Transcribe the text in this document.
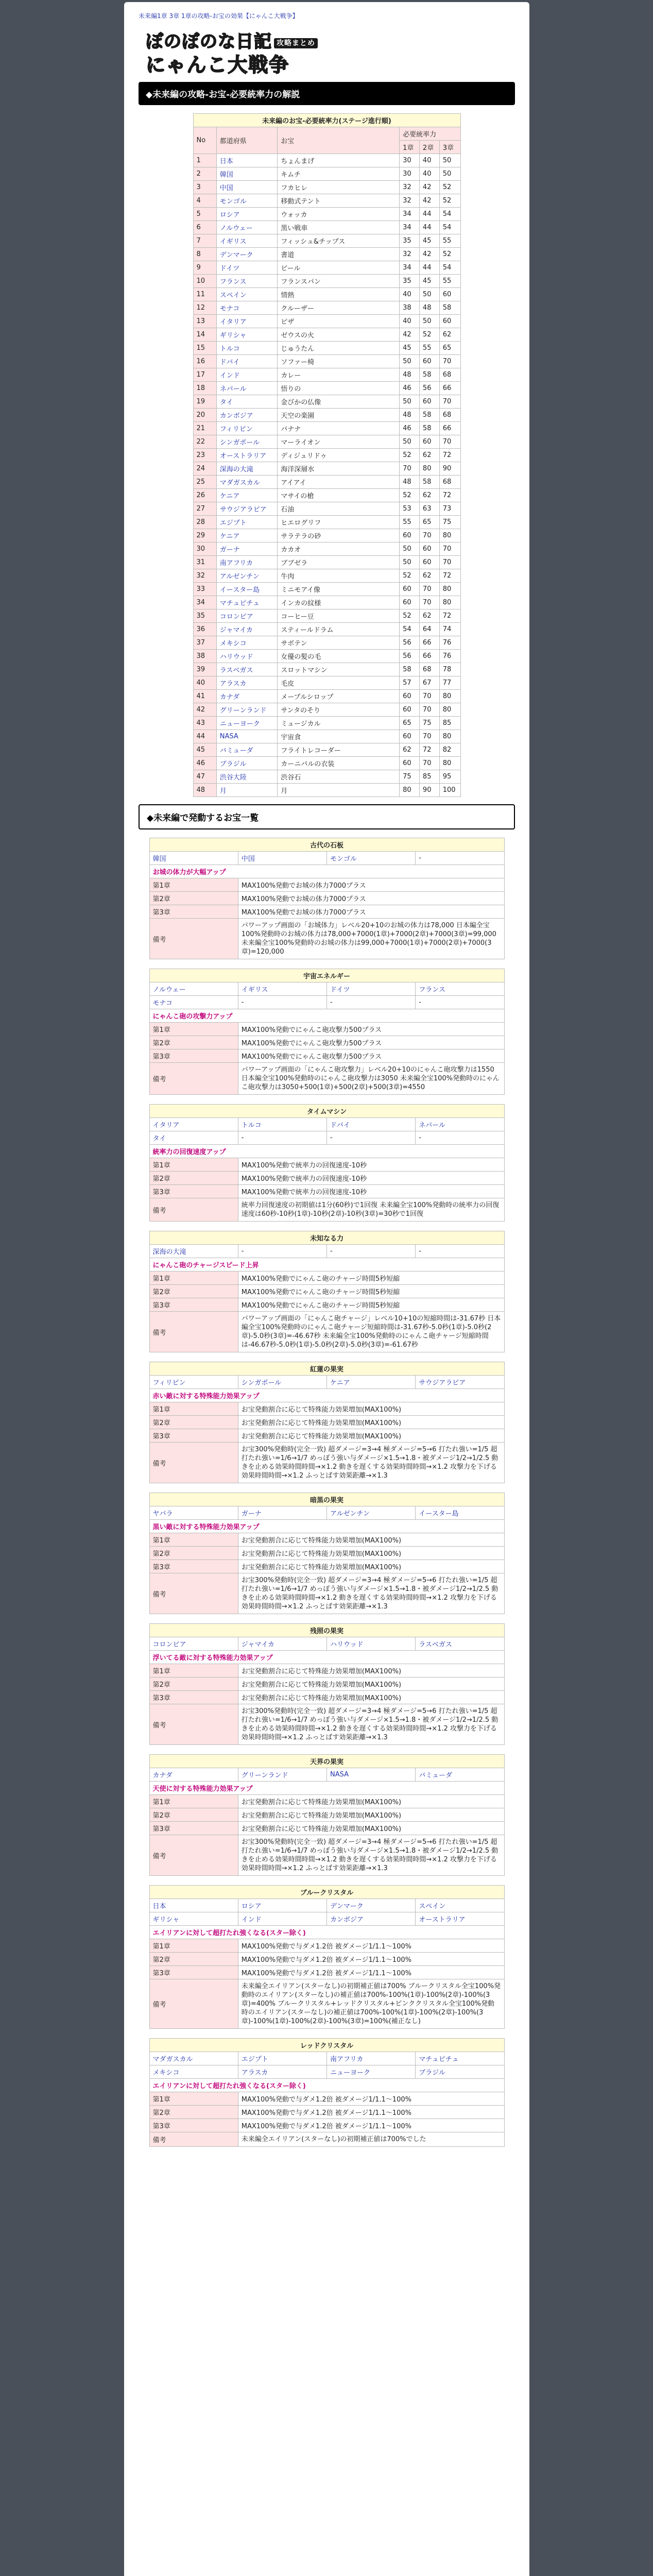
未来編1章 3章 1章の攻略-お宝の効果【にゃんこ大戦争】
ぼのぼのな日記 攻略まとめ
にゃんこ大戦争
◆未来編の攻略-お宝-必要統率力の解説
未来編のお宝-必要統率力(ステージ進行順)					
No	都道府県	お宝	必要統率力		
			1章	2章	3章
1	日本	ちょんまげ	30	40	50
2	韓国	キムチ	30	40	50
3	中国	フカヒレ	32	42	52
4	モンゴル	移動式テント	32	42	52
5	ロシア	ウォッカ	34	44	54
6	ノルウェー	黒い戦車	34	44	54
7	イギリス	フィッシュ&チップス	35	45	55
8	デンマーク	書道	32	42	52
9	ドイツ	ビール	34	44	54
10	フランス	フランスパン	35	45	55
11	スペイン	情熱	40	50	60
12	モナコ	クルーザー	38	48	58
13	イタリア	ピザ	40	50	60
14	ギリシャ	ゼウスの火	42	52	62
15	トルコ	じゅうたん	45	55	65
16	ドバイ	ソファー椅	50	60	70
17	インド	カレー	48	58	68
18	ネパール	悟りの	46	56	66
19	タイ	金びかの仏像	50	60	70
20	カンボジア	天空の楽園	48	58	68
21	フィリピン	バナナ	46	58	66
22	シンガポール	マーライオン	50	60	70
23	オーストラリア	ディジュリドゥ	52	62	72
24	深海の大滝	海洋深層水	70	80	90
25	マダガスカル	アイアイ	48	58	68
26	ケニア	マサイの槍	52	62	72
27	サウジアラビア	石油	53	63	73
28	エジプト	ヒエログリフ	55	65	75
29	ケニア	サラテラの砂	60	70	80
30	ガーナ	カカオ	50	60	70
31	南アフリカ	ブブゼラ	50	60	70
32	アルゼンチン	牛肉	52	62	72
33	イースター島	ミニモアイ像	60	70	80
34	マチュピチュ	インカの紋様	60	70	80
35	コロンビア	コーヒー豆	52	62	72
36	ジャマイカ	スティールドラム	54	64	74
37	メキシコ	サボテン	56	66	76
38	ハリウッド	女優の髪の毛	56	66	76
39	ラスベガス	スロットマシン	58	68	78
40	アラスカ	毛皮	57	67	77
41	カナダ	メープルシロップ	60	70	80
42	グリーンランド	サンタのそり	60	70	80
43	ニューヨーク	ミュージカル	65	75	85
44	NASA	宇宙食	60	70	80
45	バミューダ	フライトレコーダー	62	72	82
46	ブラジル	カーニバルの衣装	60	70	80
47	渋谷大陸	渋谷石	75	85	95
48	月	月	80	90	100
◆未来編で発動するお宝一覧
古代の石板			
韓国	中国	モンゴル	-
お城の体力が大幅アップ			
第1章	MAX100%発動でお城の体力7000プラス		
第2章	MAX100%発動でお城の体力7000プラス		
第3章	MAX100%発動でお城の体力7000プラス		
備考	パワーアップ画面の「お城体力」レベル20+10のお城の体力は78,000 日本編全宝100%発動時のお城の体力は78,000+7000(1章)+7000(2章)+7000(3章)=99,000 未来編全宝100%発動時のお城の体力は99,000+7000(1章)+7000(2章)+7000(3章)=120,000		
宇宙エネルギー			
ノルウェー	イギリス	ドイツ	フランス
モナコ	-	-	-
にゃんこ砲の攻撃力アップ			
第1章	MAX100%発動でにゃんこ砲攻撃力500プラス		
第2章	MAX100%発動でにゃんこ砲攻撃力500プラス		
第3章	MAX100%発動でにゃんこ砲攻撃力500プラス		
備考	パワーアップ画面の「にゃんこ砲攻撃力」レベル20+10のにゃんこ砲攻撃力は1550 日本編全宝100%発動時のにゃんこ砲攻撃力は3050 未来編全宝100%発動時のにゃんこ砲攻撃力は3050+500(1章)+500(2章)+500(3章)=4550		
タイムマシン			
イタリア	トルコ	ドバイ	ネパール
タイ	-	-	-
統率力の回復速度アップ			
第1章	MAX100%発動で統率力の回復速度-10秒		
第2章	MAX100%発動で統率力の回復速度-10秒		
第3章	MAX100%発動で統率力の回復速度-10秒		
備考	統率力回復速度の初期値は1分(60秒)で1回復 未来編全宝100%発動時の統率力の回復速度は60秒-10秒(1章)-10秒(2章)-10秒(3章)=30秒で1回復		
未知なる力			
深海の大滝	-	-	-
にゃんこ砲のチャージスピード上昇			
第1章	MAX100%発動でにゃんこ砲のチャージ時間5秒短縮		
第2章	MAX100%発動でにゃんこ砲のチャージ時間5秒短縮		
第3章	MAX100%発動でにゃんこ砲のチャージ時間5秒短縮		
備考	パワーアップ画面の「にゃんこ砲チャージ」レベル10+10の短縮時間は-31.67秒 日本編全宝100%発動時のにゃんこ砲チャージ短縮時間は-31.67秒-5.0秒(1章)-5.0秒(2章)-5.0秒(3章)=-46.67秒 未来編全宝100%発動時のにゃんこ砲チャージ短縮時間は-46.67秒-5.0秒(1章)-5.0秒(2章)-5.0秒(3章)=-61.67秒		
紅蓮の果実			
フィリピン	シンガポール	ケニア	サウジアラビア
赤い敵に対する特殊能力効果アップ			
第1章	お宝発動割合に応じて特殊能力効果増加(MAX100%)		
第2章	お宝発動割合に応じて特殊能力効果増加(MAX100%)		
第3章	お宝発動割合に応じて特殊能力効果増加(MAX100%)		
備考	お宝300%発動時(完全一致) 超ダメージ=3→4 極ダメージ=5→6 打たれ強い=1/5 超打たれ強い=1/6→1/7 めっぽう強い与ダメージ×1.5→1.8・被ダメージ1/2→1/2.5 動きを止める効果時間時間→×1.2 動きを遅くする効果時間時間→×1.2 攻撃力を下げる効果時間時間→×1.2 ふっとばす効果距離→×1.3		
暗黒の果実			
ヤバラ	ガーナ	アルゼンチン	イースター島
黒い敵に対する特殊能力効果アップ			
第1章	お宝発動割合に応じて特殊能力効果増加(MAX100%)		
第2章	お宝発動割合に応じて特殊能力効果増加(MAX100%)		
第3章	お宝発動割合に応じて特殊能力効果増加(MAX100%)		
備考	お宝300%発動時(完全一致) 超ダメージ=3→4 極ダメージ=5→6 打たれ強い=1/5 超打たれ強い=1/6→1/7 めっぽう強い与ダメージ×1.5→1.8・被ダメージ1/2→1/2.5 動きを止める効果時間時間→×1.2 動きを遅くする効果時間時間→×1.2 攻撃力を下げる効果時間時間→×1.2 ふっとばす効果距離→×1.3		
残照の果実			
コロンビア	ジャマイカ	ハリウッド	ラスベガス
浮いてる敵に対する特殊能力効果アップ			
第1章	お宝発動割合に応じて特殊能力効果増加(MAX100%)		
第2章	お宝発動割合に応じて特殊能力効果増加(MAX100%)		
第3章	お宝発動割合に応じて特殊能力効果増加(MAX100%)		
備考	お宝300%発動時(完全一致) 超ダメージ=3→4 極ダメージ=5→6 打たれ強い=1/5 超打たれ強い=1/6→1/7 めっぽう強い与ダメージ×1.5→1.8・被ダメージ1/2→1/2.5 動きを止める効果時間時間→×1.2 動きを遅くする効果時間時間→×1.2 攻撃力を下げる効果時間時間→×1.2 ふっとばす効果距離→×1.3		
天界の果実			
カナダ	グリーンランド	NASA	バミューダ
天使に対する特殊能力効果アップ			
第1章	お宝発動割合に応じて特殊能力効果増加(MAX100%)		
第2章	お宝発動割合に応じて特殊能力効果増加(MAX100%)		
第3章	お宝発動割合に応じて特殊能力効果増加(MAX100%)		
備考	お宝300%発動時(完全一致) 超ダメージ=3→4 極ダメージ=5→6 打たれ強い=1/5 超打たれ強い=1/6→1/7 めっぽう強い与ダメージ×1.5→1.8・被ダメージ1/2→1/2.5 動きを止める効果時間時間→×1.2 動きを遅くする効果時間時間→×1.2 攻撃力を下げる効果時間時間→×1.2 ふっとばす効果距離→×1.3		
ブルークリスタル			
日本	ロシア	デンマーク	スペイン
ギリシャ	インド	カンボジア	オーストラリア
エイリアンに対して超打たれ強くなる(スター除く)			
第1章	MAX100%発動で与ダメ1.2倍 被ダメージ1/1.1～100%		
第2章	MAX100%発動で与ダメ1.2倍 被ダメージ1/1.1～100%		
第3章	MAX100%発動で与ダメ1.2倍 被ダメージ1/1.1～100%		
備考	未来編全エイリアン(スターなし)の初期補正値は700% ブルークリスタル全宝100%発動時のエイリアン(スターなし)の補正値は700%-100%(1章)-100%(2章)-100%(3章)=400% ブルークリスタル+レッドクリスタル+ピンククリスタル全宝100%発動時のエイリアン(スターなし)の補正値は700%-100%(1章)-100%(2章)-100%(3章)-100%(1章)-100%(2章)-100%(3章)=100%(補正なし)		
レッドクリスタル			
マダガスカル	エジプト	南アフリカ	マチュピチュ
メキシコ	アラスカ	ニューヨーク	ブラジル
エイリアンに対して超打たれ強くなる(スター除く)			
第1章	MAX100%発動で与ダメ1.2倍 被ダメージ1/1.1～100%		
第2章	MAX100%発動で与ダメ1.2倍 被ダメージ1/1.1～100%		
第3章	MAX100%発動で与ダメ1.2倍 被ダメージ1/1.1～100%		
備考	未来編全エイリアン(スターなし)の初期補正値は700%でした		
